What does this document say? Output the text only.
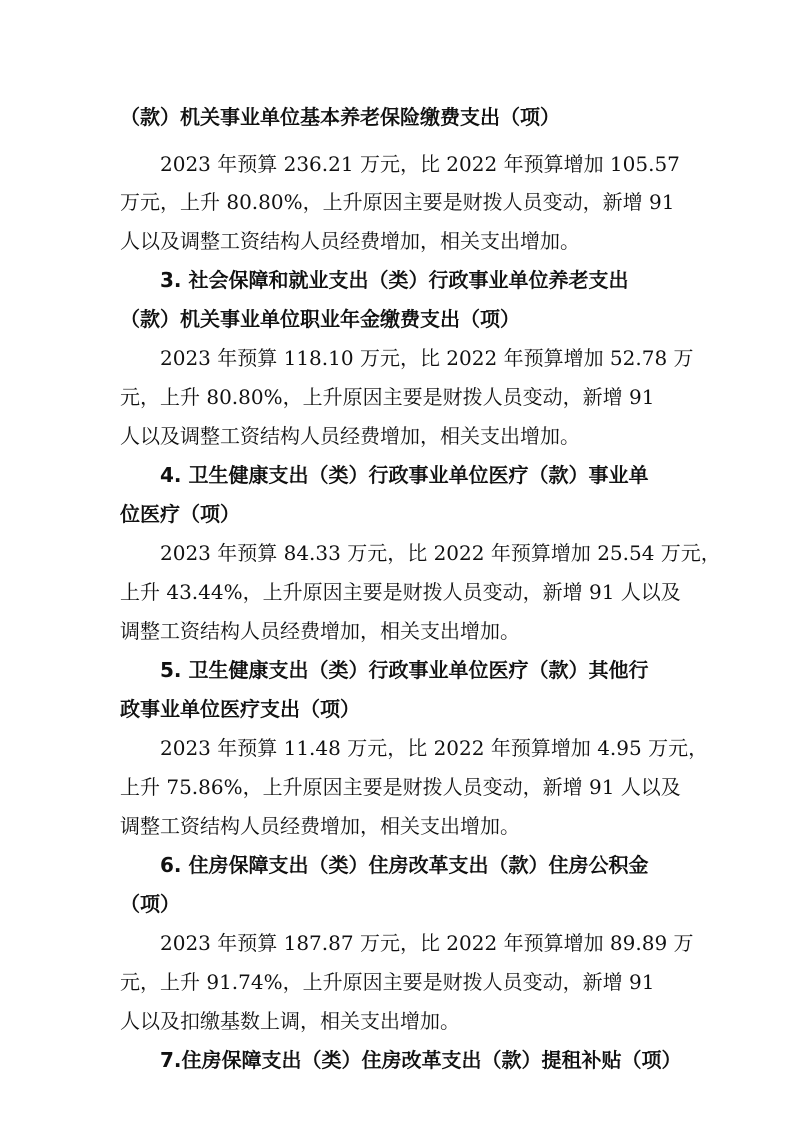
（款）机关事业单位基本养老保险缴费支出（项）
2023 年预算 236.21 万元，比 2022 年预算增加 105.57
万元，上升 80.80%，上升原因主要是财拨人员变动，新增 91
人以及调整工资结构人员经费增加，相关支出增加。
3. 社会保障和就业支出（类）行政事业单位养老支出
（款）机关事业单位职业年金缴费支出（项）
2023 年预算 118.10 万元，比 2022 年预算增加 52.78 万
元，上升 80.80%，上升原因主要是财拨人员变动，新增 91
人以及调整工资结构人员经费增加，相关支出增加。
4. 卫生健康支出（类）行政事业单位医疗（款）事业单
位医疗（项）
2023 年预算 84.33 万元，比 2022 年预算增加 25.54 万元，
上升 43.44%，上升原因主要是财拨人员变动，新增 91 人以及
调整工资结构人员经费增加，相关支出增加。
5. 卫生健康支出（类）行政事业单位医疗（款）其他行
政事业单位医疗支出（项）
2023 年预算 11.48 万元，比 2022 年预算增加 4.95 万元，
上升 75.86%，上升原因主要是财拨人员变动，新增 91 人以及
调整工资结构人员经费增加，相关支出增加。
6. 住房保障支出（类）住房改革支出（款）住房公积金
（项）
2023 年预算 187.87 万元，比 2022 年预算增加 89.89 万
元，上升 91.74%，上升原因主要是财拨人员变动，新增 91
人以及扣缴基数上调，相关支出增加。
7.住房保障支出（类）住房改革支出（款）提租补贴（项）
